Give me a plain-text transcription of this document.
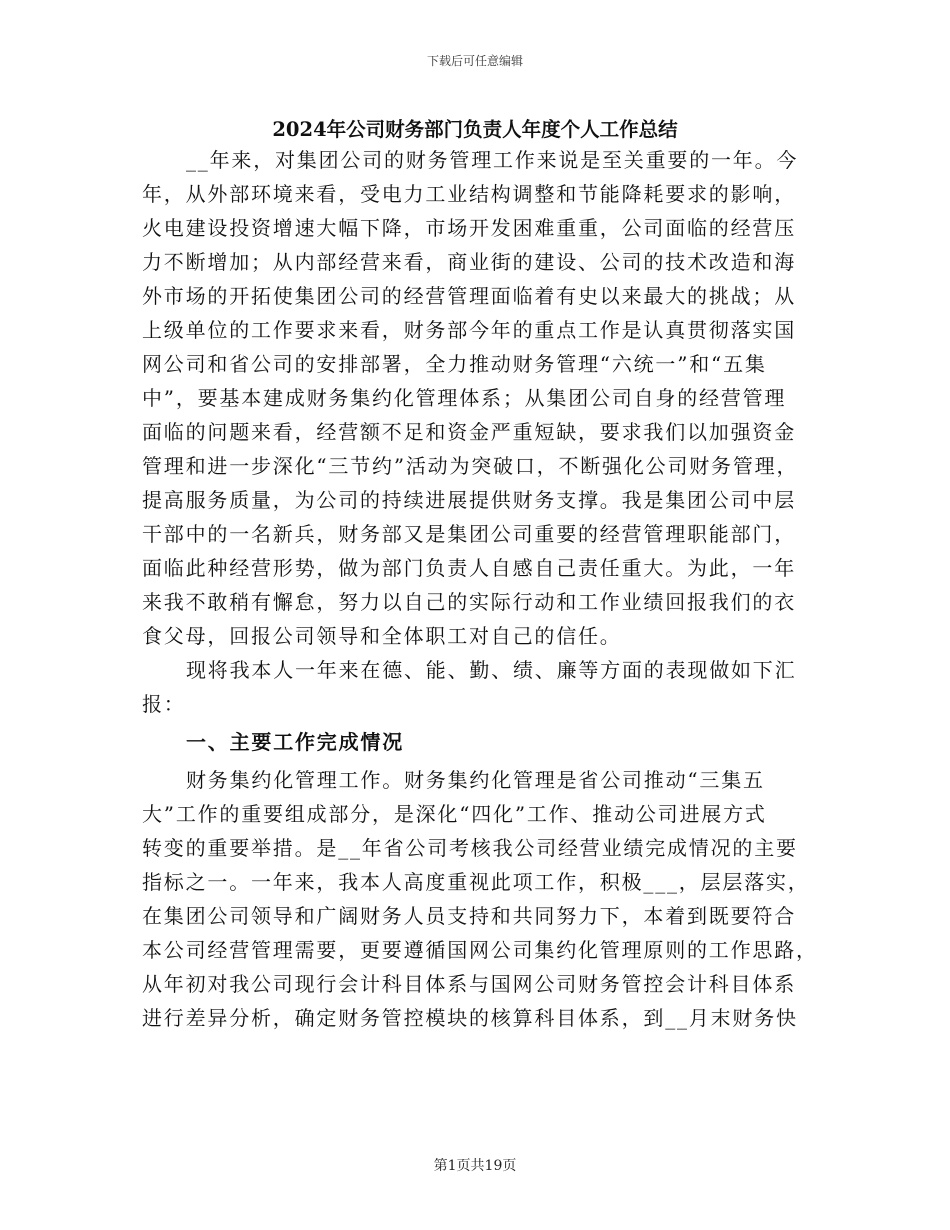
下载后可任意编辑
2024年公司财务部门负责人年度个人工作总结
__年来，对集团公司的财务管理工作来说是至关重要的一年。今
年，从外部环境来看，受电力工业结构调整和节能降耗要求的影响，
火电建设投资增速大幅下降，市场开发困难重重，公司面临的经营压
力不断增加；从内部经营来看，商业街的建设、公司的技术改造和海
外市场的开拓使集团公司的经营管理面临着有史以来最大的挑战；从
上级单位的工作要求来看，财务部今年的重点工作是认真贯彻落实国
网公司和省公司的安排部署，全力推动财务管理“六统一”和“五集
中”，要基本建成财务集约化管理体系；从集团公司自身的经营管理
面临的问题来看，经营额不足和资金严重短缺，要求我们以加强资金
管理和进一步深化“三节约”活动为突破口，不断强化公司财务管理，
提高服务质量，为公司的持续进展提供财务支撑。我是集团公司中层
干部中的一名新兵，财务部又是集团公司重要的经营管理职能部门，
面临此种经营形势，做为部门负责人自感自己责任重大。为此，一年
来我不敢稍有懈怠，努力以自己的实际行动和工作业绩回报我们的衣
食父母，回报公司领导和全体职工对自己的信任。
现将我本人一年来在德、能、勤、绩、廉等方面的表现做如下汇
报：
一、主要工作完成情况
财务集约化管理工作。财务集约化管理是省公司推动“三集五
大”工作的重要组成部分，是深化“四化”工作、推动公司进展方式
转变的重要举措。是__年省公司考核我公司经营业绩完成情况的主要
指标之一。一年来，我本人高度重视此项工作，积极___，层层落实，
在集团公司领导和广阔财务人员支持和共同努力下，本着到既要符合
本公司经营管理需要，更要遵循国网公司集约化管理原则的工作思路，
从年初对我公司现行会计科目体系与国网公司财务管控会计科目体系
进行差异分析，确定财务管控模块的核算科目体系，到__月末财务快
第1页共19页
